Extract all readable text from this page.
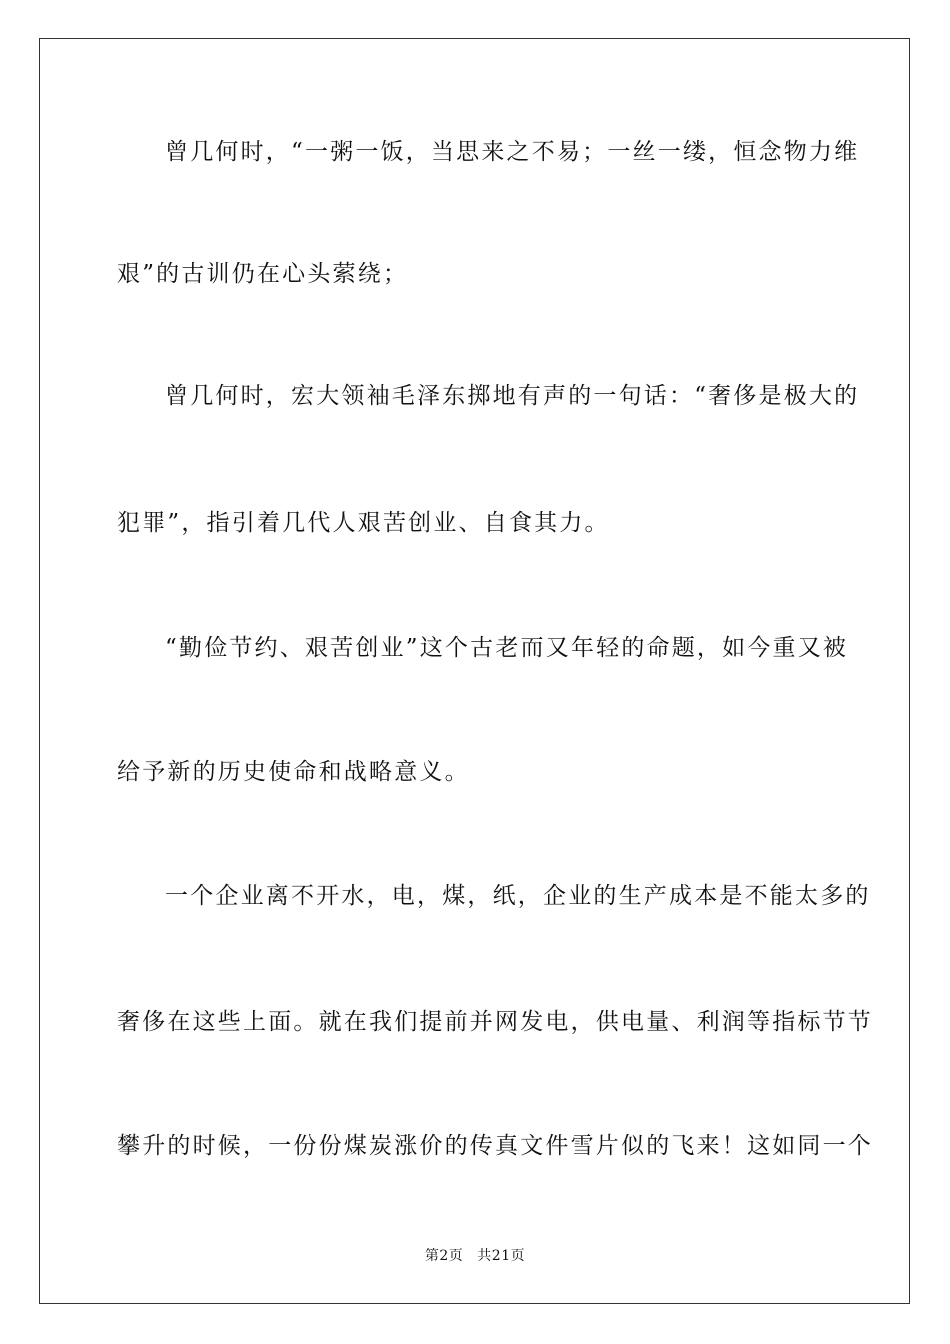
曾几何时，“一粥一饭，当思来之不易；一丝一缕，恒念物力维

艰”的古训仍在心头萦绕；

曾几何时，宏大领袖毛泽东掷地有声的一句话：“奢侈是极大的

犯罪”，指引着几代人艰苦创业、自食其力。

“勤俭节约、艰苦创业”这个古老而又年轻的命题，如今重又被

给予新的历史使命和战略意义。

一个企业离不开水，电，煤，纸，企业的生产成本是不能太多的

奢侈在这些上面。就在我们提前并网发电，供电量、利润等指标节节

攀升的时候，一份份煤炭涨价的传真文件雪片似的飞来！这如同一个

第2页 共21页
